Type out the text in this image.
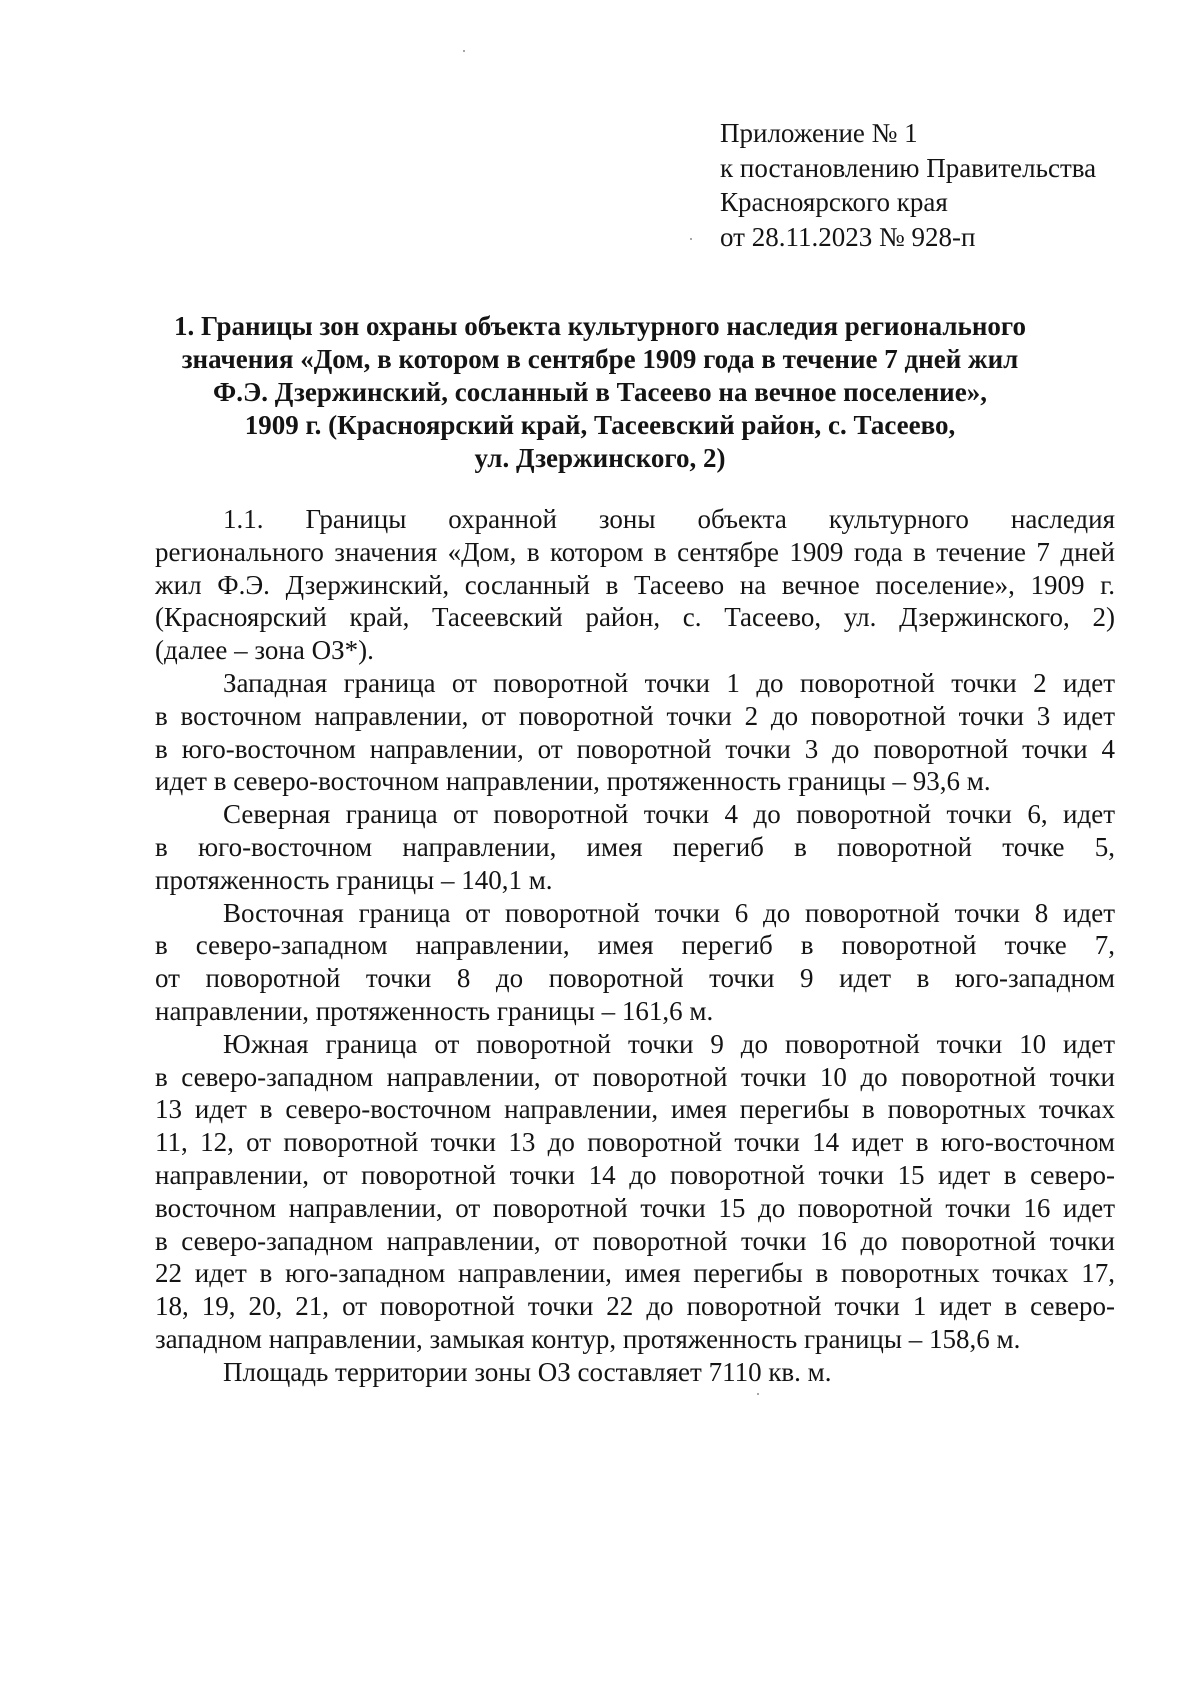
Приложение № 1
к постановлению Правительства
Красноярского края
от 28.11.2023 № 928-п
1. Границы зон охраны объекта культурного наследия регионального
значения «Дом, в котором в сентябре 1909 года в течение 7 дней жил
Ф.Э. Дзержинский, сосланный в Тасеево на вечное поселение»,
1909 г. (Красноярский край, Тасеевский район, с. Тасеево,
ул. Дзержинского, 2)
1.1. Границы охранной зоны объекта культурного наследия
регионального значения «Дом, в котором в сентябре 1909 года в течение 7 дней
жил Ф.Э. Дзержинский, сосланный в Тасеево на вечное поселение», 1909 г.
(Красноярский край, Тасеевский район, с. Тасеево, ул. Дзержинского, 2)
(далее – зона ОЗ*).
Западная граница от поворотной точки 1 до поворотной точки 2 идет
в восточном направлении, от поворотной точки 2 до поворотной точки 3 идет
в юго-восточном направлении, от поворотной точки 3 до поворотной точки 4
идет в северо-восточном направлении, протяженность границы – 93,6 м.
Северная граница от поворотной точки 4 до поворотной точки 6, идет
в юго-восточном направлении, имея перегиб в поворотной точке 5,
протяженность границы – 140,1 м.
Восточная граница от поворотной точки 6 до поворотной точки 8 идет
в северо-западном направлении, имея перегиб в поворотной точке 7,
от поворотной точки 8 до поворотной точки 9 идет в юго-западном
направлении, протяженность границы – 161,6 м.
Южная граница от поворотной точки 9 до поворотной точки 10 идет
в северо-западном направлении, от поворотной точки 10 до поворотной точки
13 идет в северо-восточном направлении, имея перегибы в поворотных точках
11, 12, от поворотной точки 13 до поворотной точки 14 идет в юго-восточном
направлении, от поворотной точки 14 до поворотной точки 15 идет в северо-
восточном направлении, от поворотной точки 15 до поворотной точки 16 идет
в северо-западном направлении, от поворотной точки 16 до поворотной точки
22 идет в юго-западном направлении, имея перегибы в поворотных точках 17,
18, 19, 20, 21, от поворотной точки 22 до поворотной точки 1 идет в северо-
западном направлении, замыкая контур, протяженность границы – 158,6 м.
Площадь территории зоны ОЗ составляет 7110 кв. м.
